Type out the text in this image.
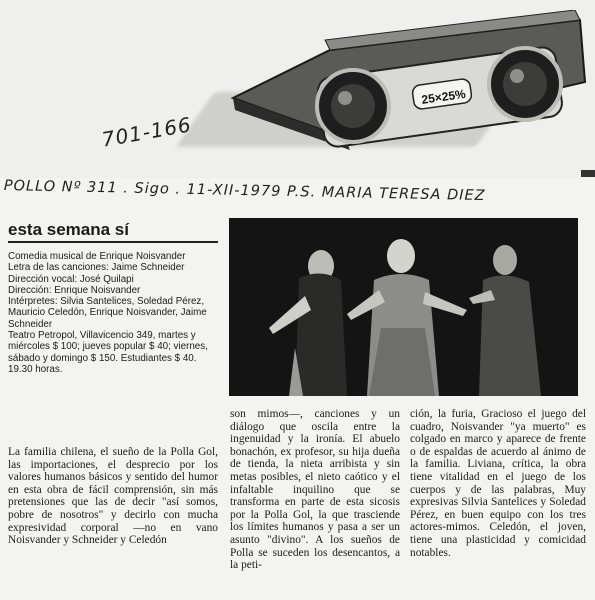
25×25%
701-166
POLLO Nº 311 . Sigo . 11-XII-1979 P.S. MARIA TERESA DIEZ
esta semana sí

Comedia musical de Enrique Noisvander

Letra de las canciones: Jaime Schneider

Dirección vocal: José Quilapi

Dirección: Enrique Noisvander

Intérpretes: Silvia Santelices, Soledad Pérez, Mauricio Celedón, Enrique Noisvander, Jaime Schneider

Teatro Petropol, Villavicencio 349, martes y miércoles $ 100; jueves popular $ 40; viernes, sábado y domingo $ 150. Estudiantes $ 40. 19.30 horas.

La familia chilena, el sueño de la Polla Gol, las importaciones, el desprecio por los valores humanos básicos y sentido del humor en esta obra de fácil comprensión, sin más pretensiones que las de decir "así somos, pobre de nosotros" y decirlo con mucha expresividad corporal —no en vano Noisvander y Schneider y Celedón

son mimos—, canciones y un diálogo que oscila entre la ingenuidad y la ironía. El abuelo bonachón, ex profesor, su hija dueña de tienda, la nieta arribista y sin metas posibles, el nieto caótico y el infaltable inquilino que se transforma en parte de esta sicosis por la Polla Gol, la que trasciende los límites humanos y pasa a ser un asunto "divino". A los sueños de Polla se suceden los desencantos, a la peti-

ción, la furia, Gracioso el juego del cuadro, Noisvander "ya muerto" es colgado en marco y aparece de frente o de espaldas de acuerdo al ánimo de la familia. Liviana, crítica, la obra tiene vitalidad en el juego de los cuerpos y de las palabras, Muy expresivas Silvia Santelices y Soledad Pérez, en buen equipo con los tres actores-mimos. Celedón, el joven, tiene una plasticidad y comicidad notables.
